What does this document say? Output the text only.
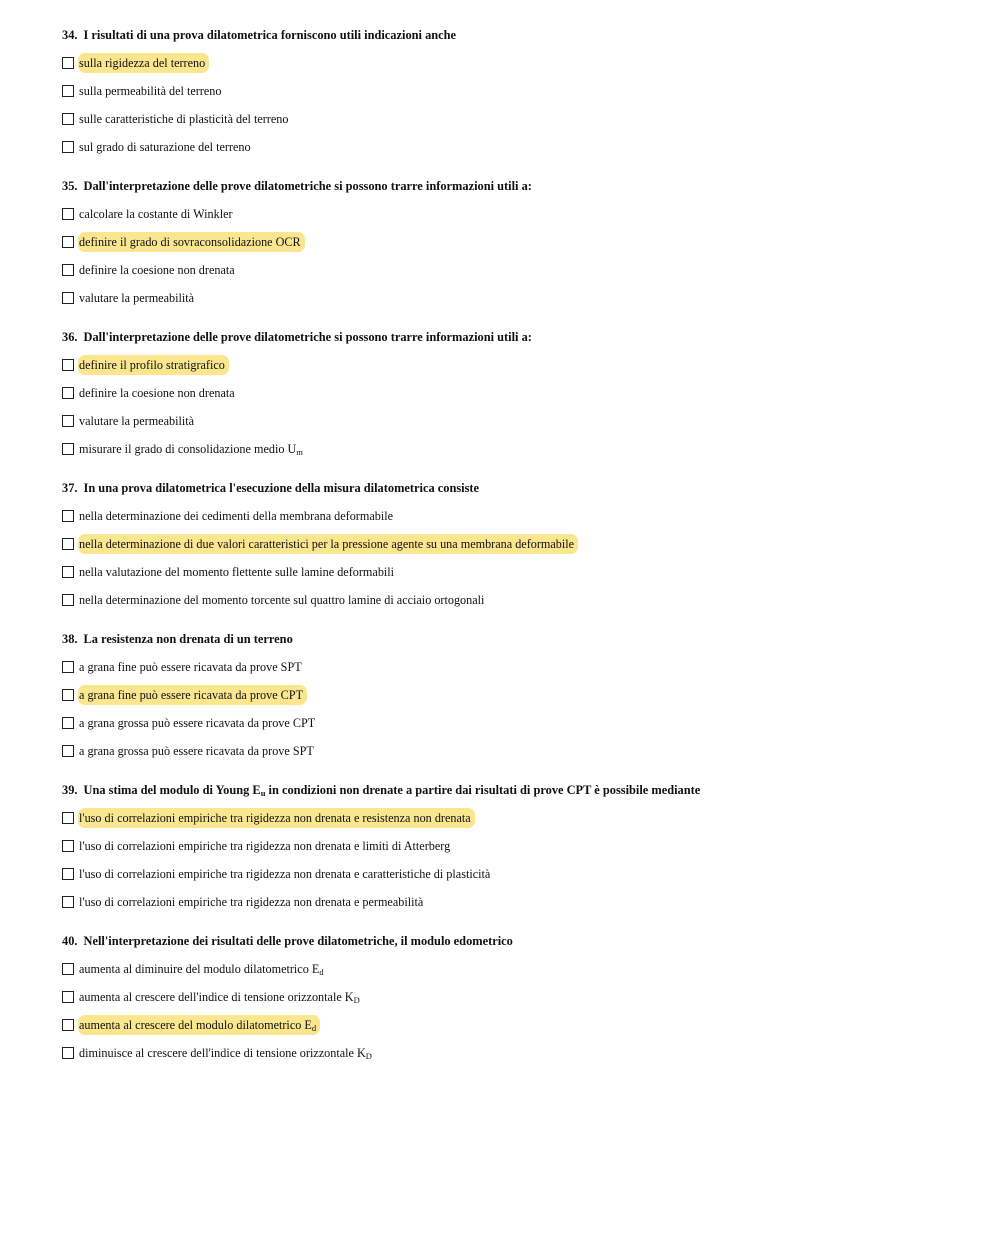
34. I risultati di una prova dilatometrica forniscono utili indicazioni anche
sulla rigidezza del terreno
sulla permeabilità del terreno
sulle caratteristiche di plasticità del terreno
sul grado di saturazione del terreno
35. Dall'interpretazione delle prove dilatometriche si possono trarre informazioni utili a:
calcolare la costante di Winkler
definire il grado di sovraconsolidazione OCR
definire la coesione non drenata
valutare la permeabilità
36. Dall'interpretazione delle prove dilatometriche si possono trarre informazioni utili a:
definire il profilo stratigrafico
definire la coesione non drenata
valutare la permeabilità
misurare il grado di consolidazione medio $U_m$
37. In una prova dilatometrica l'esecuzione della misura dilatometrica consiste
nella determinazione dei cedimenti della membrana deformabile
nella determinazione di due valori caratteristici per la pressione agente su una membrana deformabile
nella valutazione del momento flettente sulle lamine deformabili
nella determinazione del momento torcente sul quattro lamine di acciaio ortogonali
38. La resistenza non drenata di un terreno
a grana fine può essere ricavata da prove SPT
a grana fine può essere ricavata da prove CPT
a grana grossa può essere ricavata da prove CPT
a grana grossa può essere ricavata da prove SPT
39. Una stima del modulo di Young $E_u$ in condizioni non drenate a partire dai risultati di prove CPT è possibile mediante
l'uso di correlazioni empiriche tra rigidezza non drenata e resistenza non drenata
l'uso di correlazioni empiriche tra rigidezza non drenata e limiti di Atterberg
l'uso di correlazioni empiriche tra rigidezza non drenata e caratteristiche di plasticità
l'uso di correlazioni empiriche tra rigidezza non drenata e permeabilità
40. Nell'interpretazione dei risultati delle prove dilatometriche, il modulo edometrico
aumenta al diminuire del modulo dilatometrico $E_d$
aumenta al crescere dell'indice di tensione orizzontale $K_D$
aumenta al crescere del modulo dilatometrico $E_d$
diminuisce al crescere dell'indice di tensione orizzontale $K_D$
